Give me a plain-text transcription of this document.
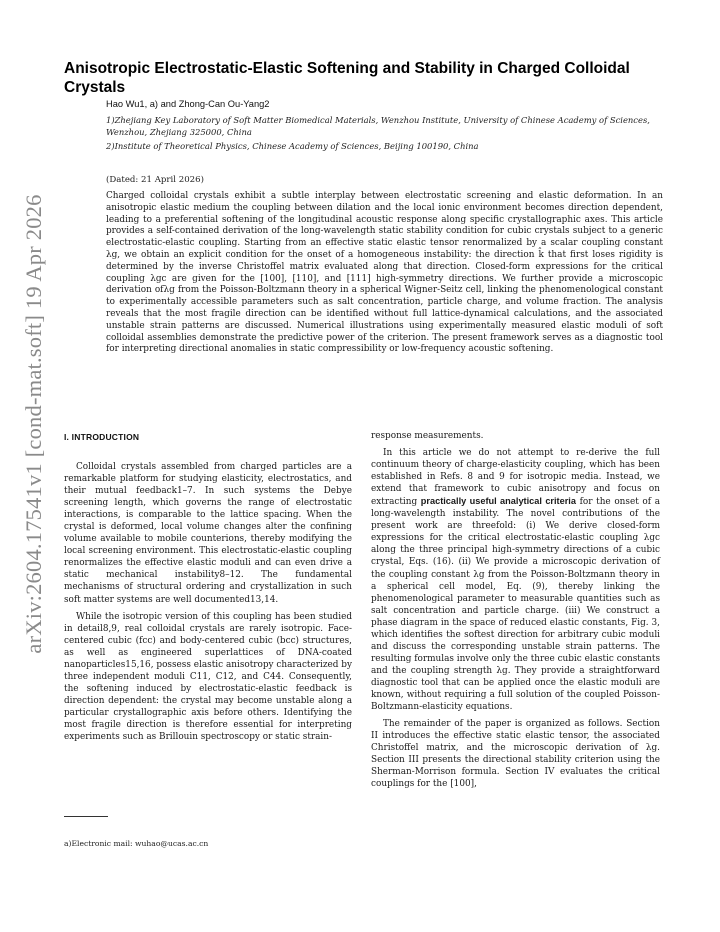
arXiv:2604.17541v1 [cond-mat.soft] 19 Apr 2026
Anisotropic Electrostatic-Elastic Softening and Stability in Charged Colloidal Crystals
Hao Wu1, a) and Zhong-Can Ou-Yang2
1)Zhejiang Key Laboratory of Soft Matter Biomedical Materials, Wenzhou Institute, University of Chinese Academy of Sciences, Wenzhou, Zhejiang 325000, China
2)Institute of Theoretical Physics, Chinese Academy of Sciences, Beijing 100190, China
(Dated: 21 April 2026)
Charged colloidal crystals exhibit a subtle interplay between electrostatic screening and elastic deformation. In an anisotropic elastic medium the coupling between dilation and the local ionic environment becomes direction dependent, leading to a preferential softening of the longitudinal acoustic response along specific crystallographic axes. This article provides a self-contained derivation of the long-wavelength static stability condition for cubic crystals subject to a generic electrostatic-elastic coupling. Starting from an effective static elastic tensor renormalized by a scalar coupling constant λg, we obtain an explicit condition for the onset of a homogeneous instability: the direction k̂ that first loses rigidity is determined by the inverse Christoffel matrix evaluated along that direction. Closed-form expressions for the critical coupling λgc are given for the [100], [110], and [111] high-symmetry directions. We further provide a microscopic derivation ofλg from the Poisson-Boltzmann theory in a spherical Wigner-Seitz cell, linking the phenomenological constant to experimentally accessible parameters such as salt concentration, particle charge, and volume fraction. The analysis reveals that the most fragile direction can be identified without full lattice-dynamical calculations, and the associated unstable strain patterns are discussed. Numerical illustrations using experimentally measured elastic moduli of soft colloidal assemblies demonstrate the predictive power of the criterion. The present framework serves as a diagnostic tool for interpreting directional anomalies in static compressibility or low-frequency acoustic softening.
I. INTRODUCTION

Colloidal crystals assembled from charged particles are a remarkable platform for studying elasticity, electrostatics, and their mutual feedback1–7. In such systems the Debye screening length, which governs the range of electrostatic interactions, is comparable to the lattice spacing. When the crystal is deformed, local volume changes alter the confining volume available to mobile counterions, thereby modifying the local screening environment. This electrostatic-elastic coupling renormalizes the effective elastic moduli and can even drive a static mechanical instability8–12. The fundamental mechanisms of structural ordering and crystallization in such soft matter systems are well documented13,14.

While the isotropic version of this coupling has been studied in detail8,9, real colloidal crystals are rarely isotropic. Face-centered cubic (fcc) and body-centered cubic (bcc) structures, as well as engineered superlattices of DNA-coated nanoparticles15,16, possess elastic anisotropy characterized by three independent moduli C11, C12, and C44. Consequently, the softening induced by electrostatic-elastic feedback is direction dependent: the crystal may become unstable along a particular crystallographic axis before others. Identifying the most fragile direction is therefore essential for interpreting experiments such as Brillouin spectroscopy or static strain-

response measurements.

In this article we do not attempt to re-derive the full continuum theory of charge-elasticity coupling, which has been established in Refs. 8 and 9 for isotropic media. Instead, we extend that framework to cubic anisotropy and focus on extracting practically useful analytical criteria for the onset of a long-wavelength instability. The novel contributions of the present work are threefold: (i) We derive closed-form expressions for the critical electrostatic-elastic coupling λgc along the three principal high-symmetry directions of a cubic crystal, Eqs. (16). (ii) We provide a microscopic derivation of the coupling constant λg from the Poisson-Boltzmann theory in a spherical cell model, Eq. (9), thereby linking the phenomenological parameter to measurable quantities such as salt concentration and particle charge. (iii) We construct a phase diagram in the space of reduced elastic constants, Fig. 3, which identifies the softest direction for arbitrary cubic moduli and discuss the corresponding unstable strain patterns. The resulting formulas involve only the three cubic elastic constants and the coupling strength λg. They provide a straightforward diagnostic tool that can be applied once the elastic moduli are known, without requiring a full solution of the coupled Poisson-Boltzmann-elasticity equations.

The remainder of the paper is organized as follows. Section II introduces the effective static elastic tensor, the associated Christoffel matrix, and the microscopic derivation of λg. Section III presents the directional stability criterion using the Sherman-Morrison formula. Section IV evaluates the critical couplings for the [100],

a)Electronic mail: wuhao@ucas.ac.cn
